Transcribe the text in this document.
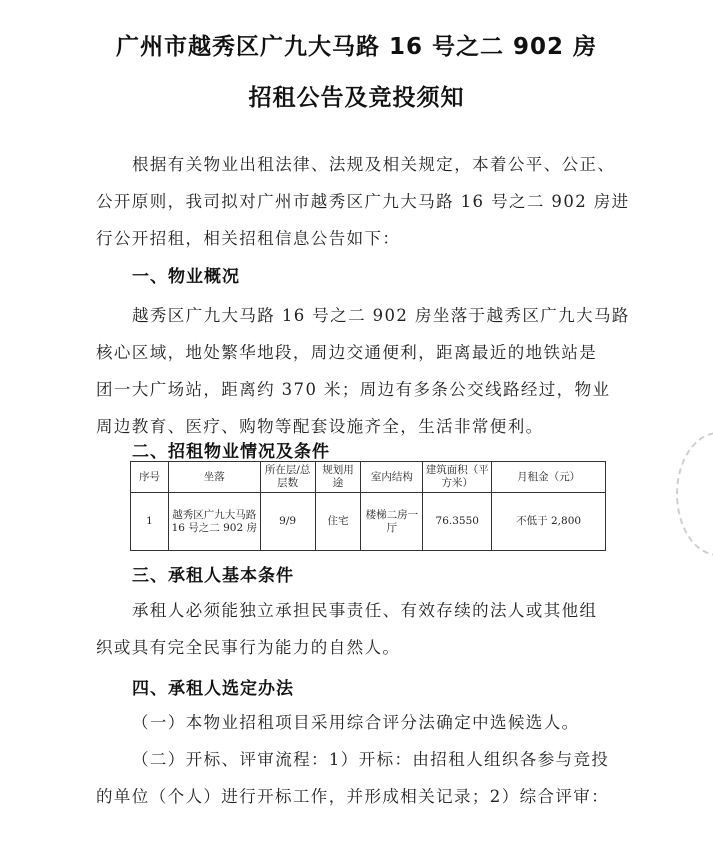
广州市越秀区广九大马路 16 号之二 902 房
招租公告及竞投须知
根据有关物业出租法律、法规及相关规定，本着公平、公正、
公开原则，我司拟对广州市越秀区广九大马路 16 号之二 902 房进
行公开招租，相关招租信息公告如下：
一、物业概况
越秀区广九大马路 16 号之二 902 房坐落于越秀区广九大马路
核心区域，地处繁华地段，周边交通便利，距离最近的地铁站是
团一大广场站，距离约 370 米；周边有多条公交线路经过，物业
周边教育、医疗、购物等配套设施齐全，生活非常便利。
二、招租物业情况及条件
序号	坐落	所在层/总层数	规划用途	室内结构	建筑面积（平方米）	月租金（元）
1	越秀区广九大马路 16 号之二 902 房	9/9	住宅	楼梯二房一厅	76.3550	不低于 2,800
三、承租人基本条件
承租人必须能独立承担民事责任、有效存续的法人或其他组
织或具有完全民事行为能力的自然人。
四、承租人选定办法
（一）本物业招租项目采用综合评分法确定中选候选人。
（二）开标、评审流程：1）开标：由招租人组织各参与竞投
的单位（个人）进行开标工作，并形成相关记录；2）综合评审：
